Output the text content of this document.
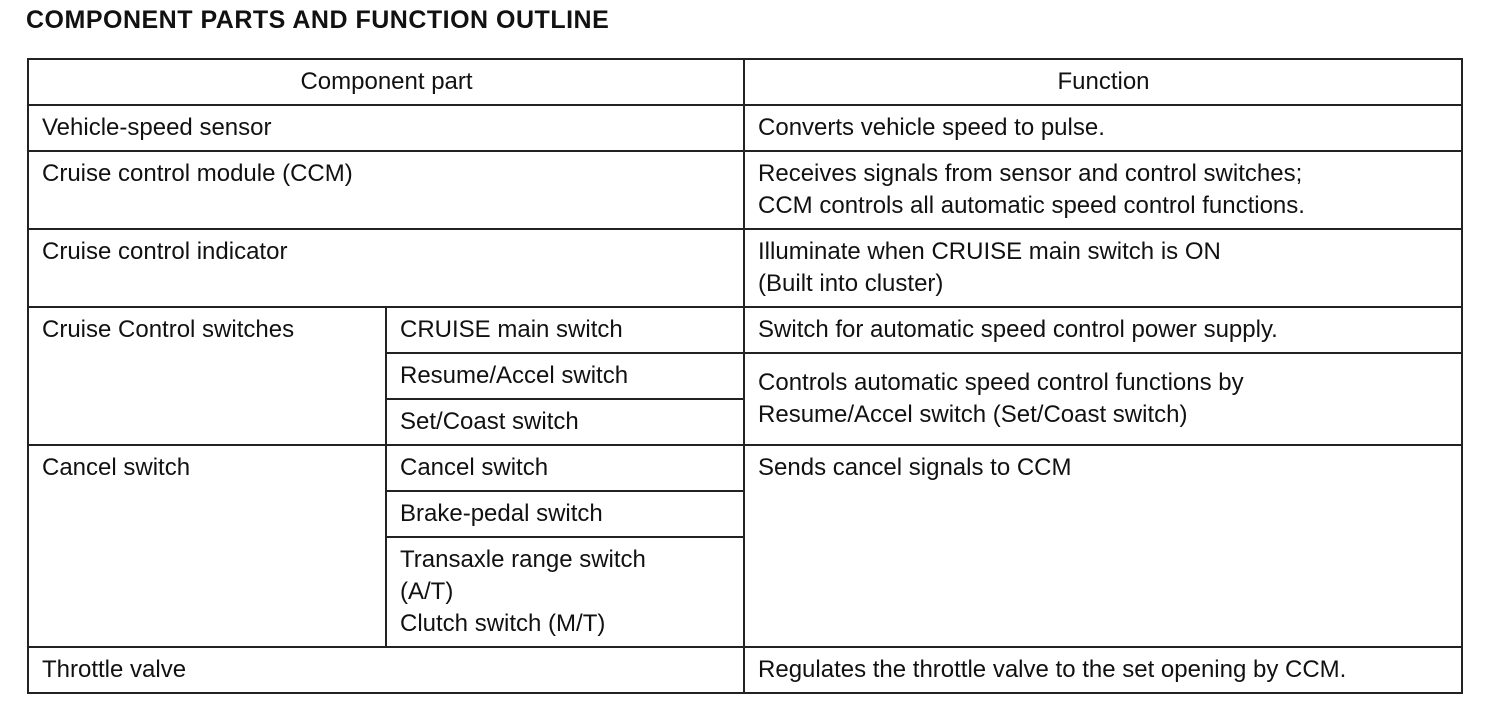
COMPONENT PARTS AND FUNCTION OUTLINE
Component part		Function
Vehicle-speed sensor		Converts vehicle speed to pulse.
Cruise control module (CCM)		Receives signals from sensor and control switches;
CCM controls all automatic speed control functions.

Cruise control indicator		Illuminate when CRUISE main switch is ON
(Built into cluster)

Cruise Control switches	CRUISE main switch	Switch for automatic speed control power supply.
	Resume/Accel switch	Controls automatic speed control functions by
Resume/Accel switch (Set/Coast switch)

	Set/Coast switch	
Cancel switch	Cancel switch	Sends cancel signals to CCM
	Brake-pedal switch	

	Transaxle range switch
(A/T)
Clutch switch (M/T)	

Throttle valve		Regulates the throttle valve to the set opening by CCM.
